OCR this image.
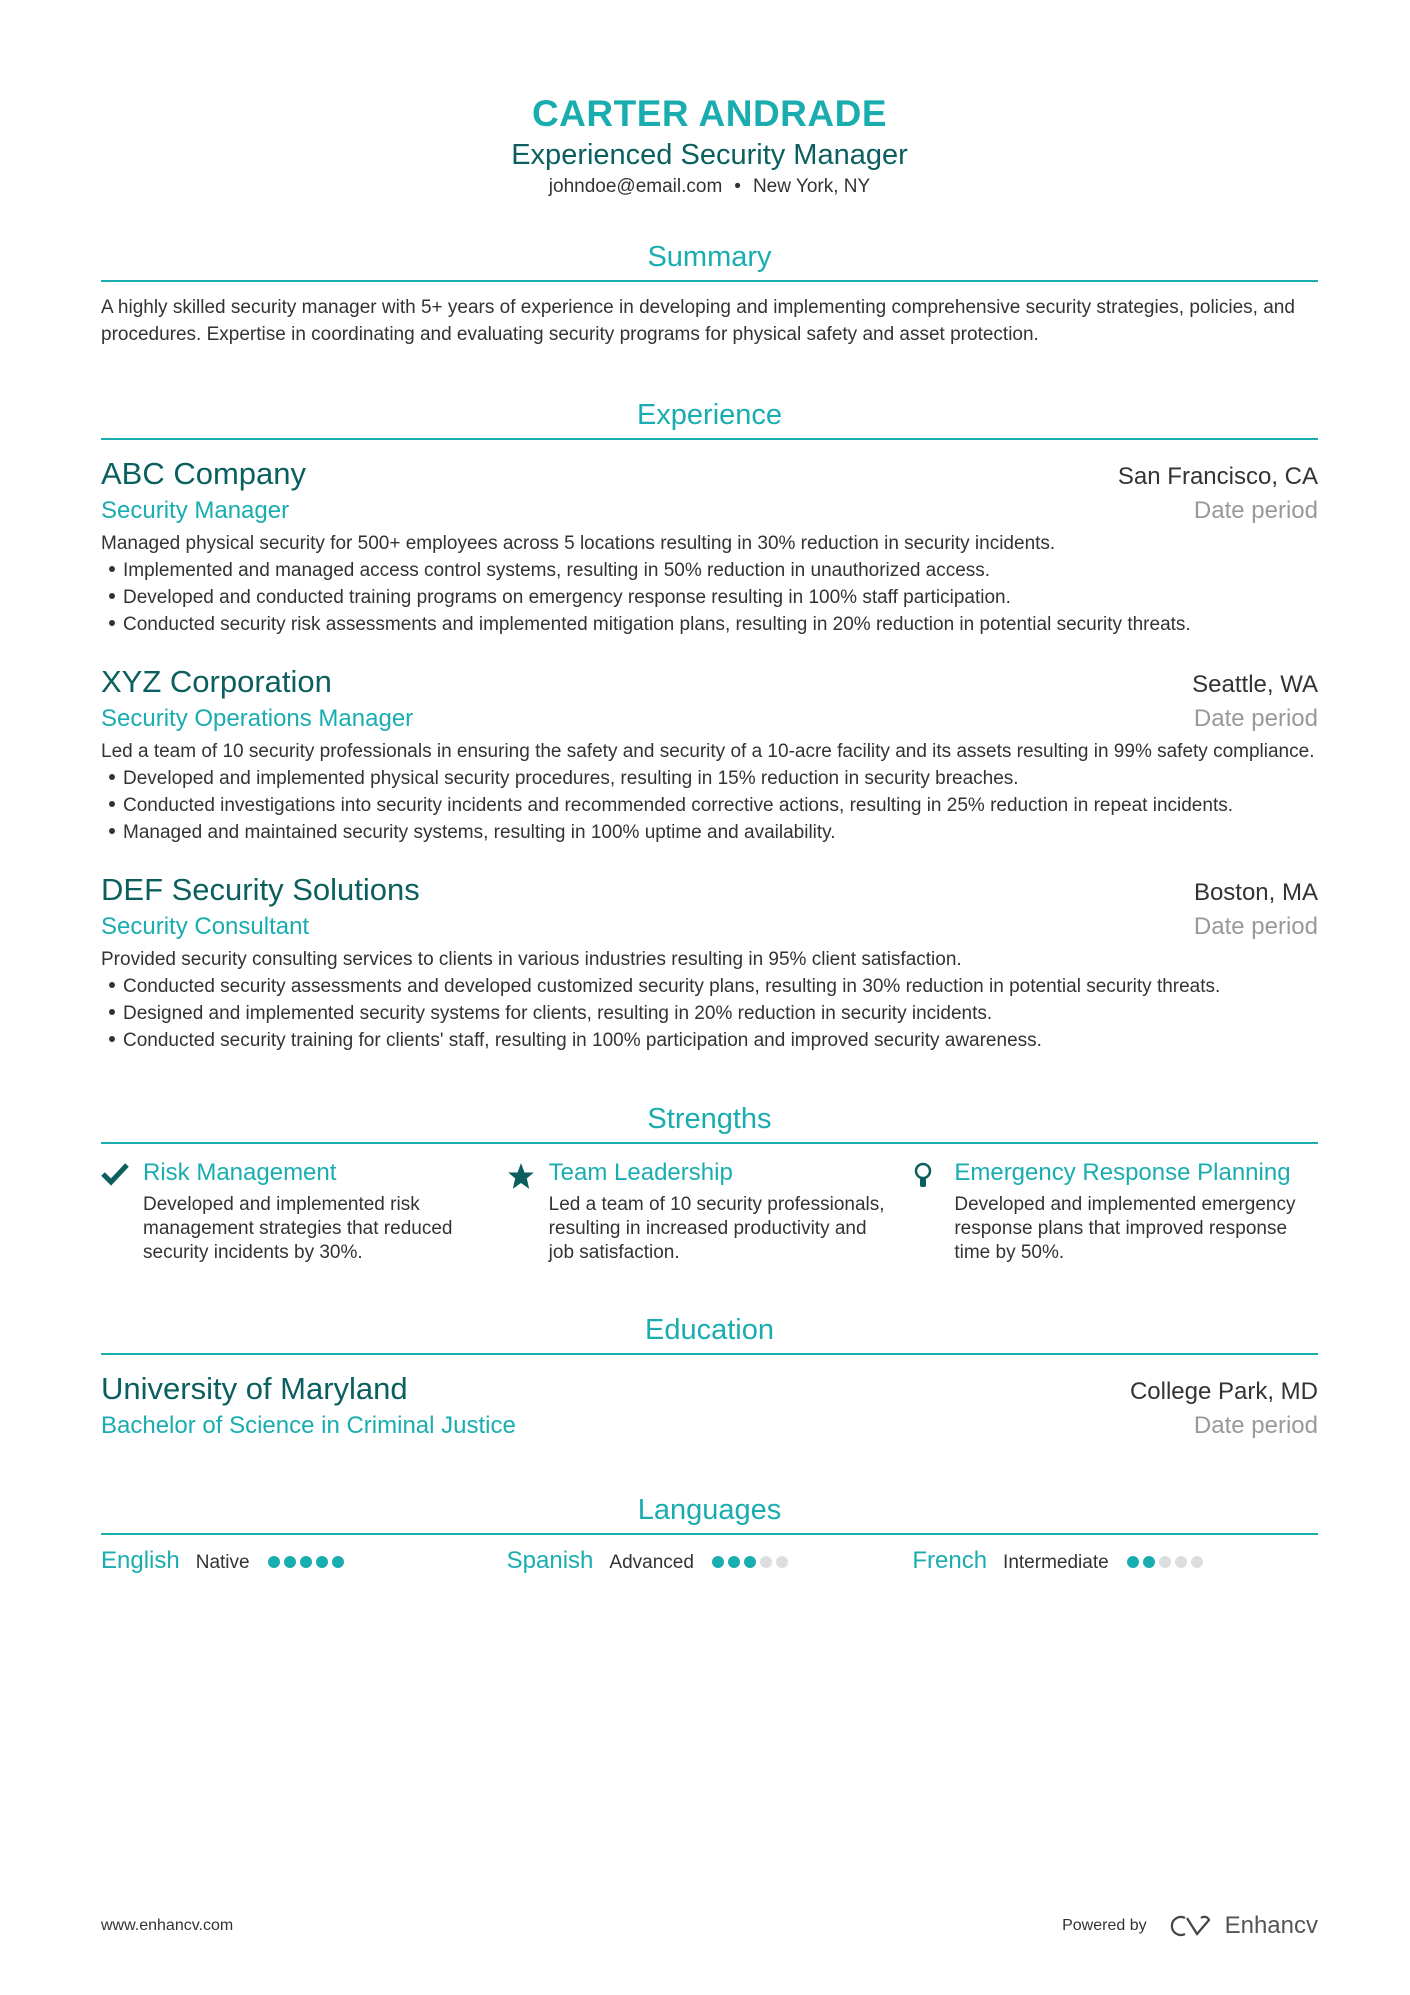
CARTER ANDRADE
Experienced Security Manager
johndoe@email.com • New York, NY
Summary
A highly skilled security manager with 5+ years of experience in developing and implementing comprehensive security strategies, policies, and procedures. Expertise in coordinating and evaluating security programs for physical safety and asset protection.
Experience
ABC Company	San Francisco, CA
Security Manager	Date period
Managed physical security for 500+ employees across 5 locations resulting in 30% reduction in security incidents.
Implemented and managed access control systems, resulting in 50% reduction in unauthorized access.
Developed and conducted training programs on emergency response resulting in 100% staff participation.
Conducted security risk assessments and implemented mitigation plans, resulting in 20% reduction in potential security threats.
XYZ Corporation	Seattle, WA
Security Operations Manager	Date period
Led a team of 10 security professionals in ensuring the safety and security of a 10-acre facility and its assets resulting in 99% safety compliance.
Developed and implemented physical security procedures, resulting in 15% reduction in security breaches.
Conducted investigations into security incidents and recommended corrective actions, resulting in 25% reduction in repeat incidents.
Managed and maintained security systems, resulting in 100% uptime and availability.
DEF Security Solutions	Boston, MA
Security Consultant	Date period
Provided security consulting services to clients in various industries resulting in 95% client satisfaction.
Conducted security assessments and developed customized security plans, resulting in 30% reduction in potential security threats.
Designed and implemented security systems for clients, resulting in 20% reduction in security incidents.
Conducted security training for clients' staff, resulting in 100% participation and improved security awareness.
Strengths
Risk Management
Developed and implemented risk management strategies that reduced security incidents by 30%.
Team Leadership
Led a team of 10 security professionals, resulting in increased productivity and job satisfaction.
Emergency Response Planning
Developed and implemented emergency response plans that improved response time by 50%.
Education
University of Maryland	College Park, MD
Bachelor of Science in Criminal Justice	Date period
Languages
English Native	Spanish Advanced	French Intermediate
www.enhancv.com	Powered by	Enhancv
